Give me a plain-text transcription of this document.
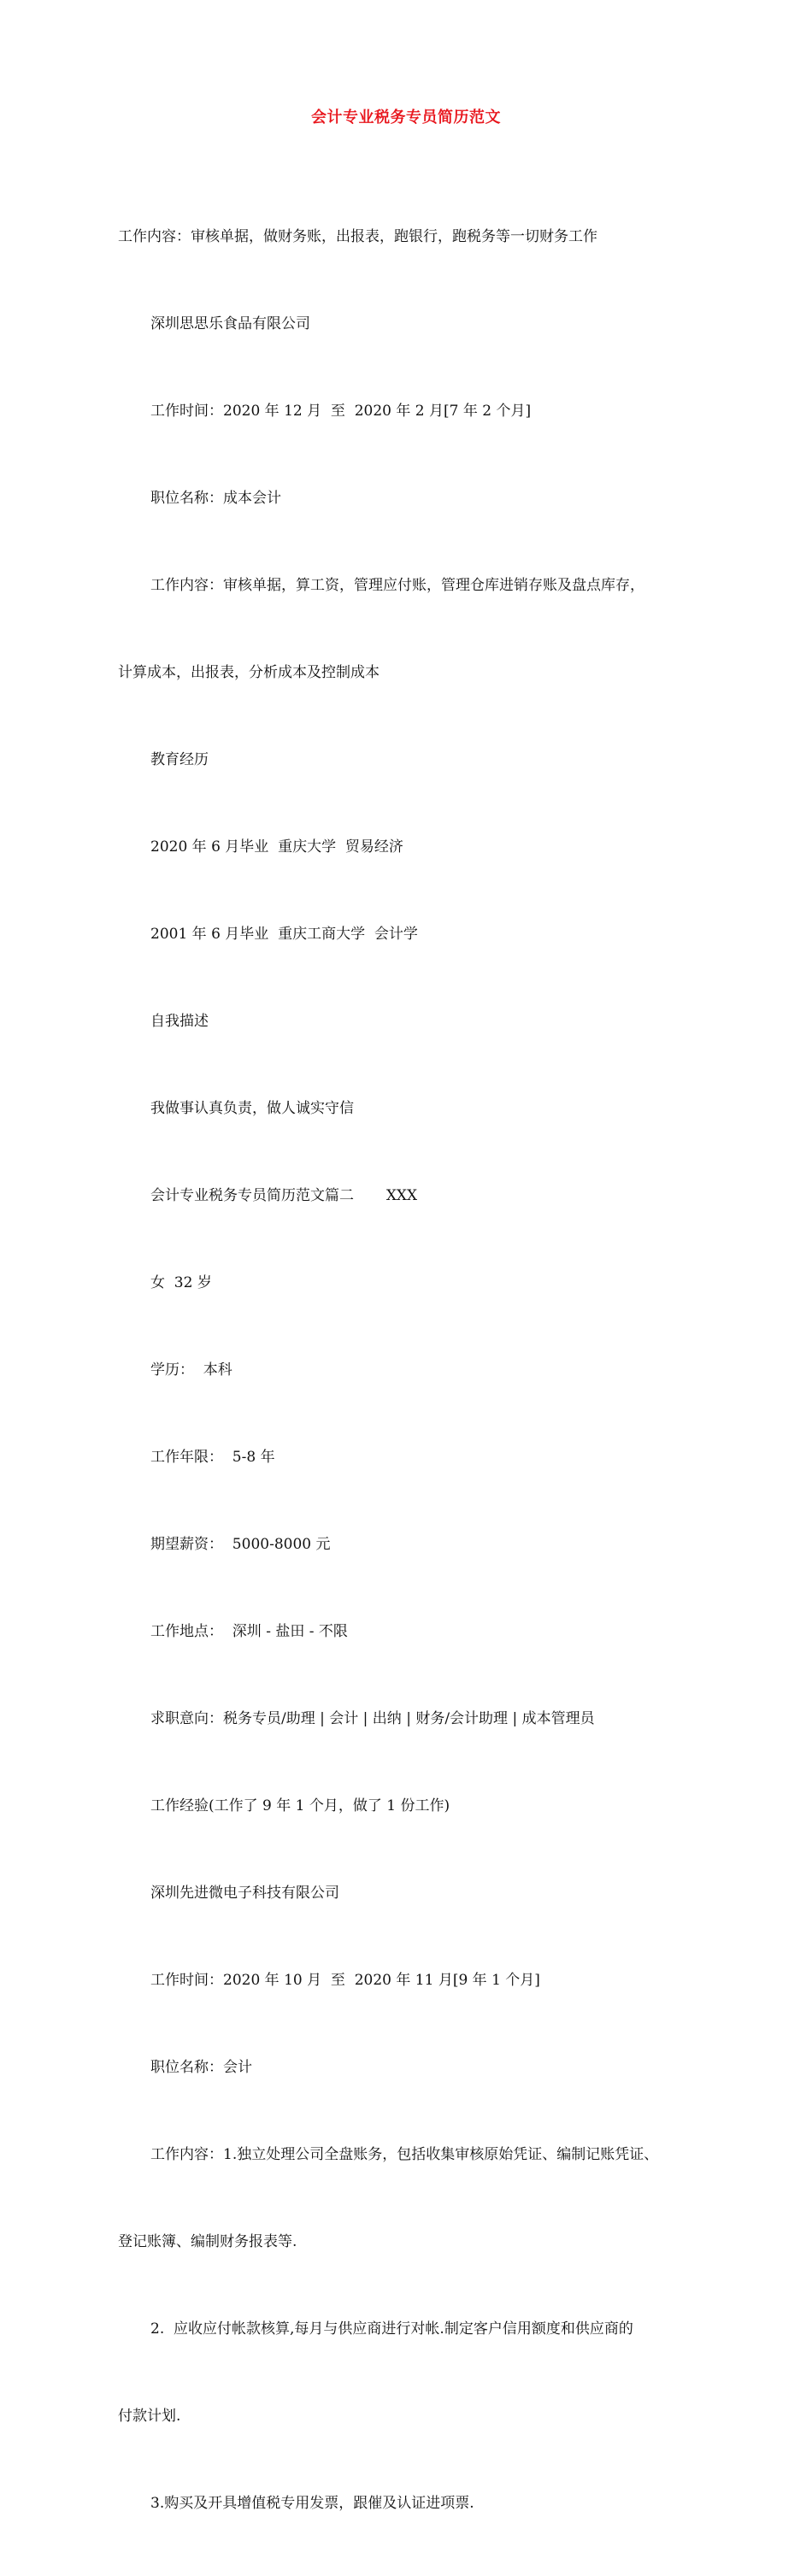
会计专业税务专员简历范文

工作内容：审核单据，做财务账，出报表，跑银行，跑税务等一切财务工作

深圳思思乐食品有限公司

工作时间：2020 年 12 月  至  2020 年 2 月[7 年 2 个月]

职位名称：成本会计

工作内容：审核单据，算工资，管理应付账，管理仓库进销存账及盘点库存，

计算成本，出报表，分析成本及控制成本

教育经历

2020 年 6 月毕业  重庆大学  贸易经济

2001 年 6 月毕业  重庆工商大学  会计学

自我描述

我做事认真负责，做人诚实守信

会计专业税务专员简历范文篇二       XXX

女  32 岁

学历：  本科

工作年限：  5-8 年

期望薪资：  5000-8000 元

工作地点：  深圳 - 盐田 - 不限

求职意向：税务专员/助理 | 会计 | 出纳 | 财务/会计助理 | 成本管理员

工作经验(工作了 9 年 1 个月，做了 1 份工作)

深圳先进微电子科技有限公司

工作时间：2020 年 10 月  至  2020 年 11 月[9 年 1 个月]

职位名称：会计

工作内容：1.独立处理公司全盘账务，包括收集审核原始凭证、编制记账凭证、

登记账簿、编制财务报表等.

2.  应收应付帐款核算,每月与供应商进行对帐.制定客户信用额度和供应商的

付款计划.

3.购买及开具增值税专用发票，跟催及认证进项票.
